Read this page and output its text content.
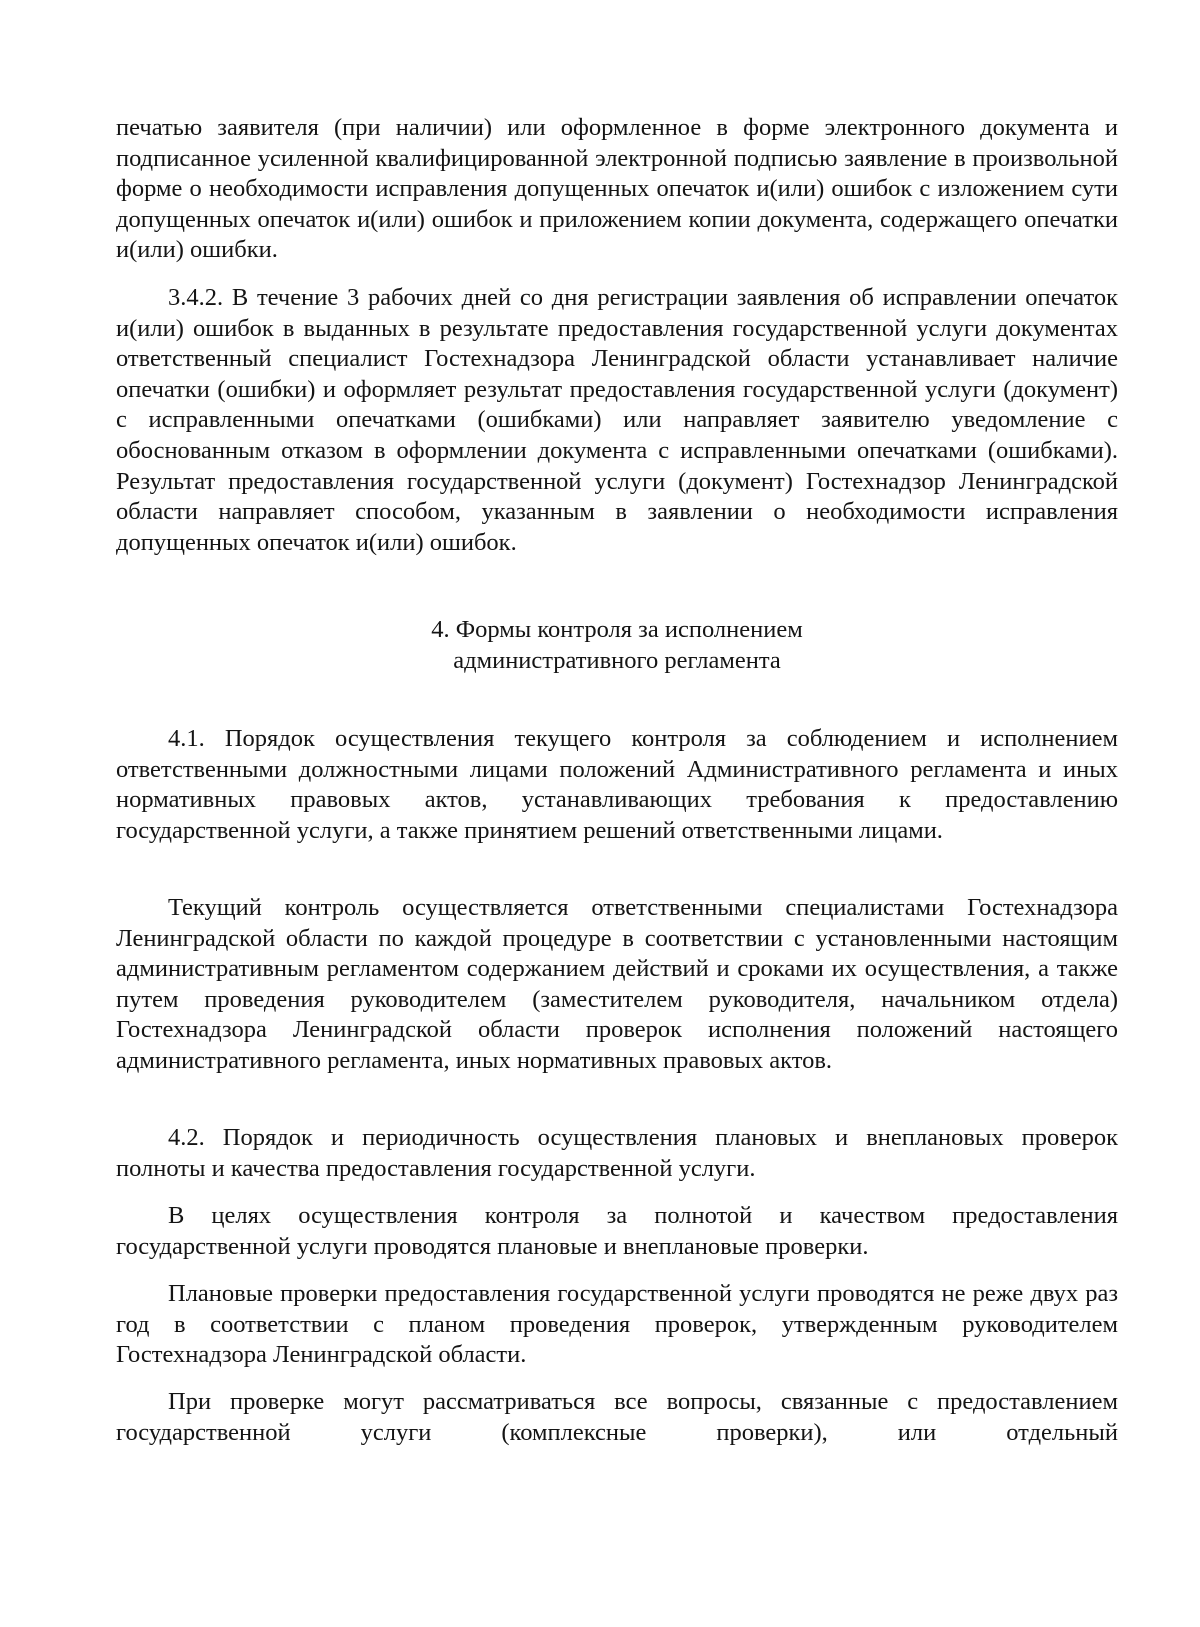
печатью заявителя (при наличии) или оформленное в форме электронного документа и подписанное усиленной квалифицированной электронной подписью заявление в произвольной форме о необходимости исправления допущенных опечаток и(или) ошибок с изложением сути допущенных опечаток и(или) ошибок и приложением копии документа, содержащего опечатки и(или) ошибки.

3.4.2. В течение 3 рабочих дней со дня регистрации заявления об исправлении опечаток и(или) ошибок в выданных в результате предоставления государственной услуги документах ответственный специалист Гостехнадзора Ленинградской области устанавливает наличие опечатки (ошибки) и оформляет результат предоставления государственной услуги (документ) с исправленными опечатками (ошибками) или направляет заявителю уведомление с обоснованным отказом в оформлении документа с исправленными опечатками (ошибками). Результат предоставления государственной услуги (документ) Гостехнадзор Ленинградской области направляет способом, указанным в заявлении о необходимости исправления допущенных опечаток и(или) ошибок.

4. Формы контроля за исполнением
административного регламента

4.1. Порядок осуществления текущего контроля за соблюдением и исполнением ответственными должностными лицами положений Административного регламента и иных нормативных правовых актов, устанавливающих требования к предоставлению государственной услуги, а также принятием решений ответственными лицами.

Текущий контроль осуществляется ответственными специалистами Гостехнадзора Ленинградской области по каждой процедуре в соответствии с установленными настоящим административным регламентом содержанием действий и сроками их осуществления, а также путем проведения руководителем (заместителем руководителя, начальником отдела) Гостехнадзора Ленинградской области проверок исполнения положений настоящего административного регламента, иных нормативных правовых актов.

4.2. Порядок и периодичность осуществления плановых и внеплановых проверок полноты и качества предоставления государственной услуги.

В целях осуществления контроля за полнотой и качеством предоставления государственной услуги проводятся плановые и внеплановые проверки.

Плановые проверки предоставления государственной услуги проводятся не реже двух раз год в соответствии с планом проведения проверок, утвержденным руководителем Гостехнадзора Ленинградской области.

При проверке могут рассматриваться все вопросы, связанные с предоставлением государственной услуги (комплексные проверки), или отдельный
